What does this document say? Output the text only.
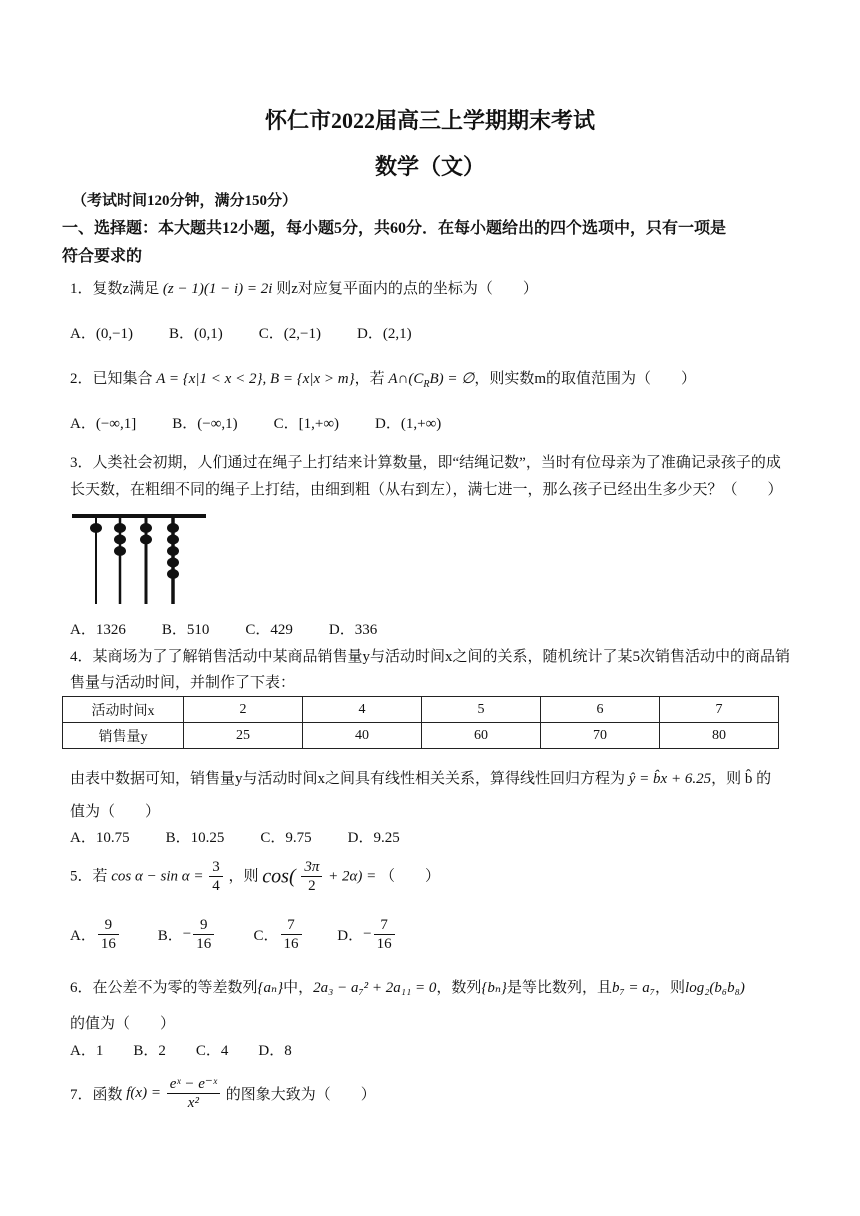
怀仁市2022届高三上学期期末考试
数学（文）
（考试时间120分钟，满分150分）
一、选择题：本大题共12小题，每小题5分，共60分．在每小题给出的四个选项中，只有一项是
符合要求的
1．复数z满足 (z − 1)(1 − i) = 2i 则z对应复平面内的点的坐标为（　　）
A．(0,−1) B．(0,1) C．(2,−1) D．(2,1)
2．已知集合 A = {x|1 < x < 2}, B = {x|x > m}，若 $A\cap(C_RB)$ = ∅，则实数m的取值范围为（　　）
A．(−∞,1] B．(−∞,1) C．[1,+∞) D．(1,+∞)
3．人类社会初期，人们通过在绳子上打结来计算数量，即“结绳记数”，当时有位母亲为了准确记录孩子的成
长天数，在粗细不同的绳子上打结，由细到粗（从右到左），满七进一，那么孩子已经出生多少天？（　　）
A．1326 B．510 C．429 D．336
4．某商场为了了解销售活动中某商品销售量y与活动时间x之间的关系，随机统计了某5次销售活动中的商品销
售量与活动时间，并制作了下表：
活动时间x	2	4	5	6	7
销售量y	25	40	60	70	80
由表中数据可知，销售量y与活动时间x之间具有线性相关关系，算得线性回归方程为 ŷ = b̂x + 6.25，则 b̂ 的
值为（　　）
A．10.75 B．10.25 C．9.75 D．9.25
5．若 $\cos \alpha - \sin \alpha = \frac{3}{4}$ ，则 $\cos( \frac{3\pi}{2} + 2\alpha)$ = （　　）
A． $\frac{9}{16}$	B．− $\frac{9}{16}$	C． $\frac{7}{16}$ D．− $\frac{7}{16}$
6．在公差不为零的等差数列{aₙ}中，2a₃ − a₇² + 2a₁₁ = 0，数列{bₙ}是等比数列，且b₇ = a₇，则log₂(b₆b₈)
的值为（　　）
A．1 B．2 C．4 D．8
7．函数 $f(x) = \frac{\text{eˣ − e⁻ˣ}}{\text{x²}}$ 的图象大致为（　　）
